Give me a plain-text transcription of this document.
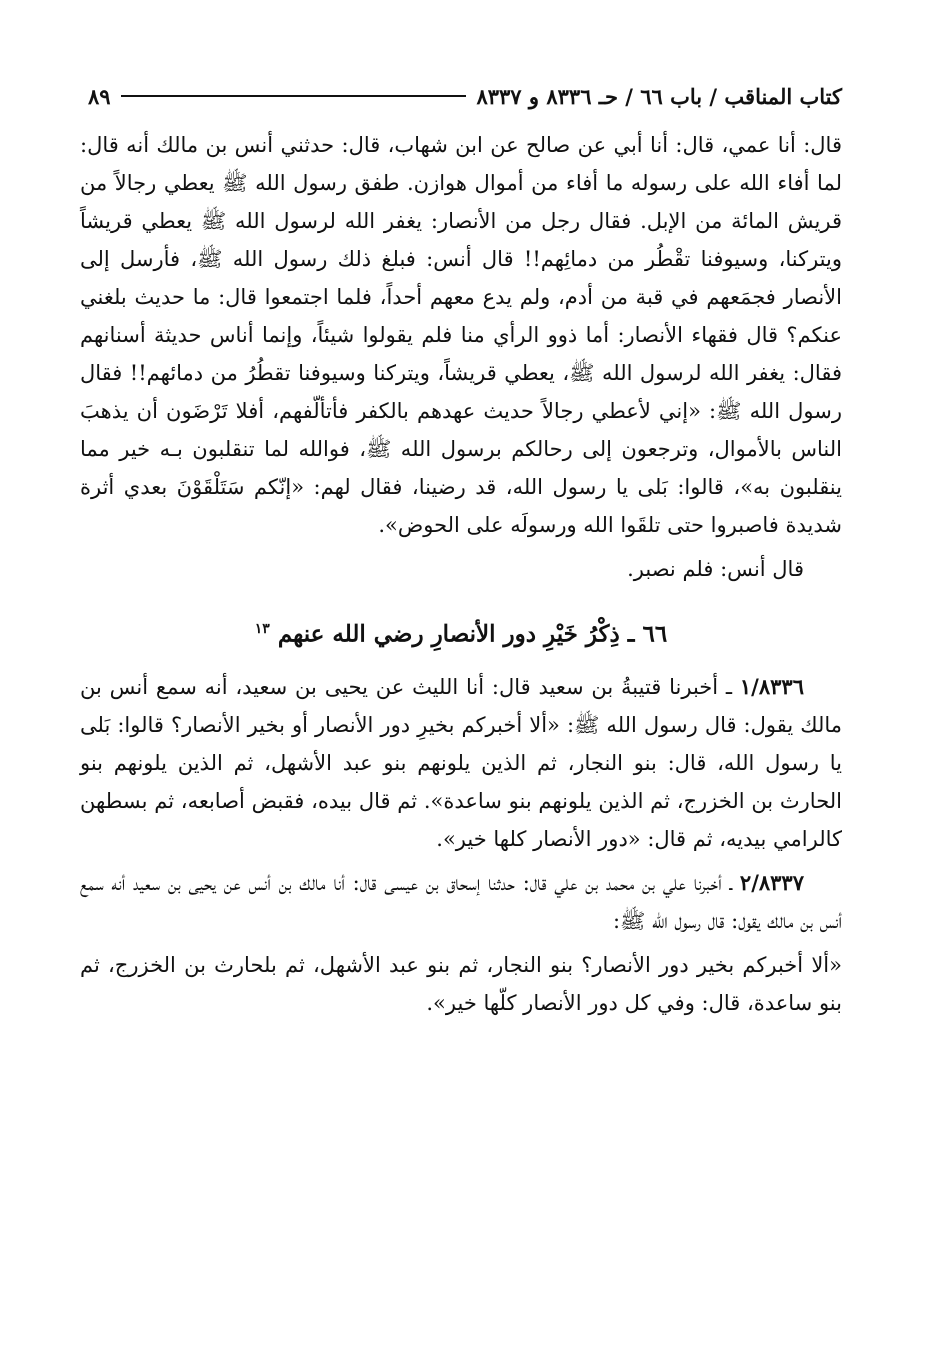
كتاب المناقب / باب ٦٦ / حـ ٨٣٣٦ و ٨٣٣٧
٨٩

قال: أنا عمي، قال: أنا أبي عن صالح عن ابن شهاب، قال: حدثني أنس بن مالك أنه قال: لما أفاء الله على رسوله ما أفاء من أموال هوازن. طفق رسول الله ﷺ يعطي رجالاً من قريش المائة من الإبل. فقال رجل من الأنصار: يغفر الله لرسول الله ﷺ يعطي قريشاً ويتركنا، وسيوفنا تقْطُر من دمائِهم!! قال أنس: فبلغ ذلك رسول الله ﷺ، فأرسل إلى الأنصار فجمَعهم في قبة من أدم، ولم يدع معهم أحداً، فلما اجتمعوا قال: ما حديث بلغني عنكم؟ قال فقهاء الأنصار: أما ذوو الرأي منا فلم يقولوا شيئاً، وإنما أناس حديثة أسنانهم فقال: يغفر الله لرسول الله ﷺ، يعطي قريشاً، ويتركنا وسيوفنا تقطُرُ من دمائهم!! فقال رسول الله ﷺ: «إني لأعطي رجالاً حديث عهدهم بالكفر فأتألّفهم، أفلا تَرْضَون أن يذهبَ الناس بالأموال، وترجعون إلى رحالكم برسول الله ﷺ، فوالله لما تنقلبون بـه خير مما ينقلبون به»، قالوا: بَلى يا رسول الله، قد رضينا، فقال لهم: «إنّكم سَتَلْقَوْنَ بعدي أثرة شديدة فاصبروا حتى تلقَوا الله ورسولَه على الحوض».

قال أنس: فلم نصبر.

٦٦ ـ ذِكْرُ خَيْرِ دور الأنصارِ رضي الله عنهم $^{١٣}$

١/٨٣٣٦ ـ أخبرنا قتيبةُ بن سعيد قال: أنا الليث عن يحيى بن سعيد، أنه سمع أنس بن مالك يقول: قال رسول الله ﷺ: «ألا أخبركم بخيرِ دور الأنصار أو بخير الأنصار؟ قالوا: بَلى يا رسول الله، قال: بنو النجار، ثم الذين يلونهم بنو عبد الأشهل، ثم الذين يلونهم بنو الحارث بن الخزرج، ثم الذين يلونهم بنو ساعدة». ثم قال بيده، فقبض أصابعه، ثم بسطهن كالرامي بيديه، ثم قال: «دور الأنصار كلها خير».

٢/٨٣٣٧ ـ أخبرنا علي بن محمد بن علي قال: حدثنا إسحاق بن عيسى قال: أنا مالك بن أنس عن يحيى بن سعيد أنه سمع أنس بن مالك يقول: قال رسول الله ﷺ:

«ألا أخبركم بخير دور الأنصار؟ بنو النجار، ثم بنو عبد الأشهل، ثم بلحارث بن الخزرج، ثم بنو ساعدة، قال: وفي كل دور الأنصار كلّها خير».
